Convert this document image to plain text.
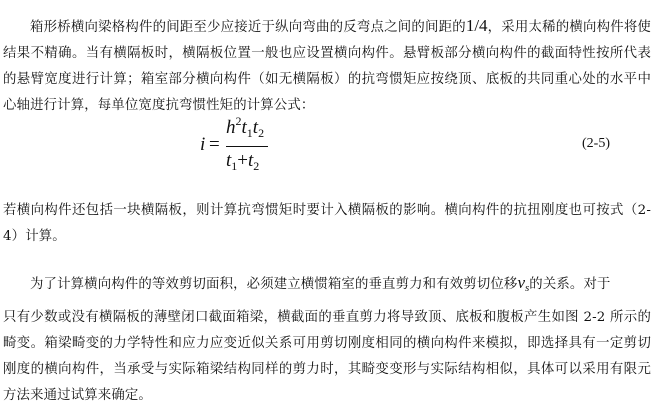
箱形桥横向梁格构件的间距至少应接近于纵向弯曲的反弯点之间的间距的1/4，采用太稀的横向构件将使结果不精确。当有横隔板时，横隔板位置一般也应设置横向构件。悬臂板部分横向构件的截面特性按所代表的悬臂宽度进行计算；箱室部分横向构件（如无横隔板）的抗弯惯矩应按绕顶、底板的共同重心处的水平中心轴进行计算，每单位宽度抗弯惯性矩的计算公式：

i =
$h^2t_1t_2$
$t_1+t_2$
(2-5)

若横向构件还包括一块横隔板，则计算抗弯惯矩时要计入横隔板的影响。横向构件的抗扭刚度也可按式（2-4）计算。

为了计算横向构件的等效剪切面积，必须建立横惯箱室的垂直剪力和有效剪切位移$v_s$的关系。对于

只有少数或没有横隔板的薄壁闭口截面箱梁，横截面的垂直剪力将导致顶、底板和腹板产生如图 2-2 所示的畸变。箱梁畸变的力学特性和应力应变近似关系可用剪切刚度相同的横向构件来模拟，即选择具有一定剪切刚度的横向构件，当承受与实际箱梁结构同样的剪力时，其畸变变形与实际结构相似，具体可以采用有限元方法来通过试算来确定。
